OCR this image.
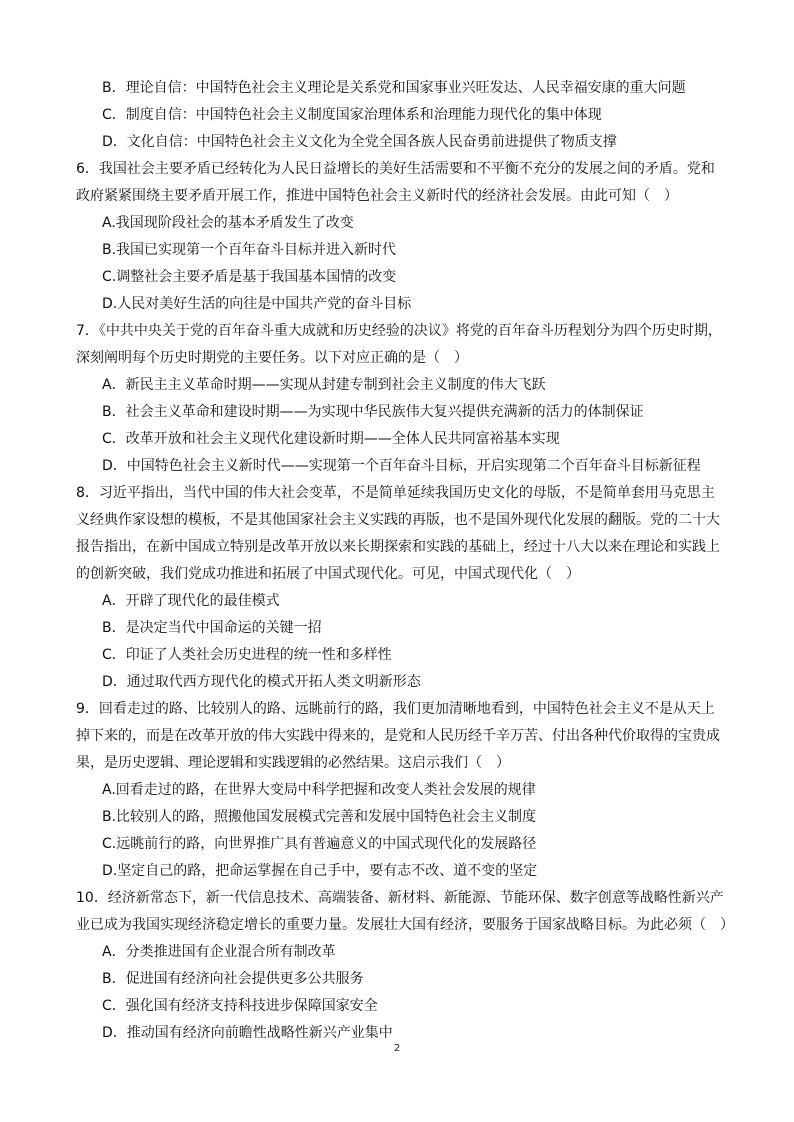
B．理论自信：中国特色社会主义理论是关系党和国家事业兴旺发达、人民幸福安康的重大问题
C．制度自信：中国特色社会主义制度国家治理体系和治理能力现代化的集中体现
D．文化自信：中国特色社会主义文化为全党全国各族人民奋勇前进提供了物质支撑
6．我国社会主要矛盾已经转化为人民日益增长的美好生活需要和不平衡不充分的发展之间的矛盾。党和
政府紧紧围绕主要矛盾开展工作，推进中国特色社会主义新时代的经济社会发展。由此可知（　）
A.我国现阶段社会的基本矛盾发生了改变
B.我国已实现第一个百年奋斗目标并进入新时代
C.调整社会主要矛盾是基于我国基本国情的改变
D.人民对美好生活的向往是中国共产党的奋斗目标
7．《中共中央关于党的百年奋斗重大成就和历史经验的决议》将党的百年奋斗历程划分为四个历史时期，
深刻阐明每个历史时期党的主要任务。以下对应正确的是（　）
A．新民主主义革命时期——实现从封建专制到社会主义制度的伟大飞跃
B．社会主义革命和建设时期——为实现中华民族伟大复兴提供充满新的活力的体制保证
C．改革开放和社会主义现代化建设新时期——全体人民共同富裕基本实现
D．中国特色社会主义新时代——实现第一个百年奋斗目标，开启实现第二个百年奋斗目标新征程
8．习近平指出，当代中国的伟大社会变革，不是简单延续我国历史文化的母版，不是简单套用马克思主
义经典作家设想的模板，不是其他国家社会主义实践的再版，也不是国外现代化发展的翻版。党的二十大
报告指出，在新中国成立特别是改革开放以来长期探索和实践的基础上，经过十八大以来在理论和实践上
的创新突破，我们党成功推进和拓展了中国式现代化。可见，中国式现代化（　）
A．开辟了现代化的最佳模式
B．是决定当代中国命运的关键一招
C．印证了人类社会历史进程的统一性和多样性
D．通过取代西方现代化的模式开拓人类文明新形态
9．回看走过的路、比较别人的路、远眺前行的路，我们更加清晰地看到，中国特色社会主义不是从天上
掉下来的，而是在改革开放的伟大实践中得来的，是党和人民历经千辛万苦、付出各种代价取得的宝贵成
果，是历史逻辑、理论逻辑和实践逻辑的必然结果。这启示我们（　）
A.回看走过的路，在世界大变局中科学把握和改变人类社会发展的规律
B.比较别人的路，照搬他国发展模式完善和发展中国特色社会主义制度
C.远眺前行的路，向世界推广具有普遍意义的中国式现代化的发展路径
D.坚定自己的路，把命运掌握在自己手中，要有志不改、道不变的坚定
10．经济新常态下，新一代信息技术、高端装备、新材料、新能源、节能环保、数字创意等战略性新兴产
业已成为我国实现经济稳定增长的重要力量。发展壮大国有经济，要服务于国家战略目标。为此必须（　）
A．分类推进国有企业混合所有制改革
B．促进国有经济向社会提供更多公共服务
C．强化国有经济支持科技进步保障国家安全
D．推动国有经济向前瞻性战略性新兴产业集中
2
